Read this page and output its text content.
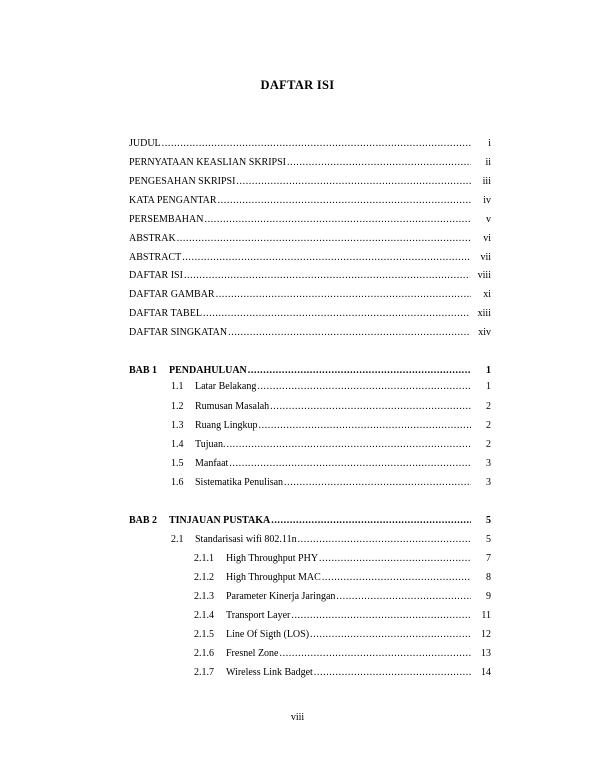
DAFTAR ISI
JUDUL .....	i
PERNYATAAN KEASLIAN SKRIPSI .....	ii
PENGESAHAN SKRIPSI .....	iii
KATA PENGANTAR .....	iv
PERSEMBAHAN .....	v
ABSTRAK .....	vi
ABSTRACT .....	vii
DAFTAR ISI .....	viii
DAFTAR GAMBAR .....	xi
DAFTAR TABEL .....	xiii
DAFTAR SINGKATAN .....	xiv
BAB 1	PENDAHULUAN .....	1
1.1	Latar Belakang .....	1
1.2	Rumusan Masalah .....	2
1.3	Ruang Lingkup .....	2
1.4	Tujuan. .....	2
1.5	Manfaat .....	3
1.6	Sistematika Penulisan .....	3
BAB 2	TINJAUAN PUSTAKA .....	5
2.1	Standarisasi wifi 802.11n .....	5
2.1.1	High Throughput PHY .....	7
2.1.2	High Throughput MAC .....	8
2.1.3	Parameter Kinerja Jaringan .....	9
2.1.4	Transport Layer .....	11
2.1.5	Line Of Sigth (LOS) .....	12
2.1.6	Fresnel Zone .....	13
2.1.7	Wireless Link Badget .....	14
viii
